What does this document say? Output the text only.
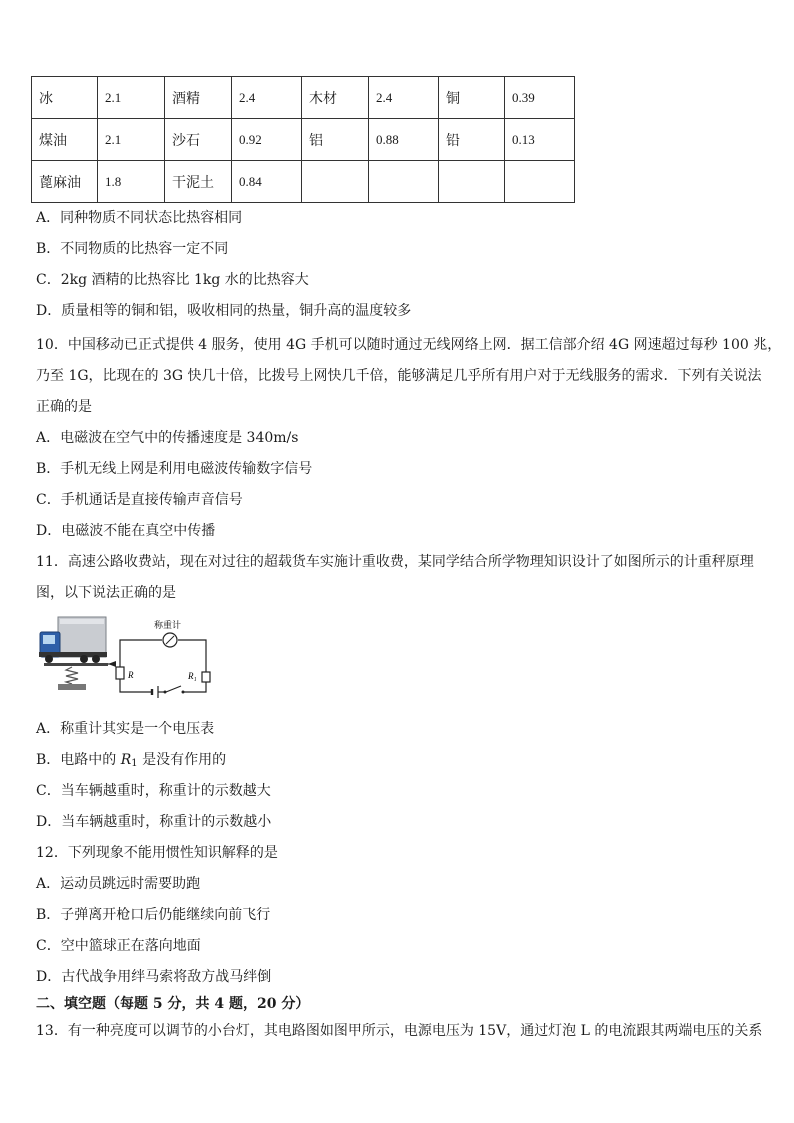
冰	2.1	酒精	2.4	木材	2.4	铜	0.39
煤油	2.1	沙石	0.92	铝	0.88	铅	0.13
蓖麻油	1.8	干泥土	0.84				
A．同种物质不同状态比热容相同
B．不同物质的比热容一定不同
C．2kg 酒精的比热容比 1kg 水的比热容大
D．质量相等的铜和铝，吸收相同的热量，铜升高的温度较多
10．中国移动已正式提供 4 服务，使用 4G 手机可以随时通过无线网络上网．据工信部介绍 4G 网速超过每秒 100 兆，
乃至 1G，比现在的 3G 快几十倍，比拨号上网快几千倍，能够满足几乎所有用户对于无线服务的需求．下列有关说法
正确的是
A．电磁波在空气中的传播速度是 340m/s
B．手机无线上网是利用电磁波传输数字信号
C．手机通话是直接传输声音信号
D．电磁波不能在真空中传播
11．高速公路收费站，现在对过往的超载货车实施计重收费，某同学结合所学物理知识设计了如图所示的计重秤原理
图，以下说法正确的是
R
称重计
R₁
A．称重计其实是一个电压表
B．电路中的 $R_1$ 是没有作用的
C．当车辆越重时，称重计的示数越大
D．当车辆越重时，称重计的示数越小
12．下列现象不能用惯性知识解释的是
A．运动员跳远时需要助跑
B．子弹离开枪口后仍能继续向前飞行
C．空中篮球正在落向地面
D．古代战争用绊马索将敌方战马绊倒
二、填空题（每题 5 分，共 4 题，20 分）
13．有一种亮度可以调节的小台灯，其电路图如图甲所示，电源电压为 15V，通过灯泡 L 的电流跟其两端电压的关系
